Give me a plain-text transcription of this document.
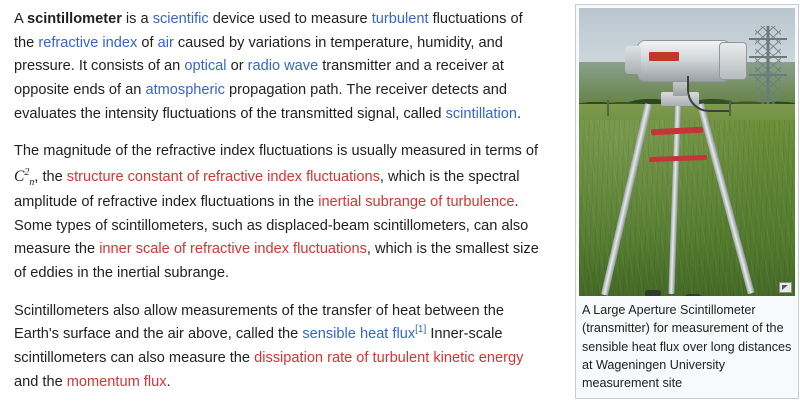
A scintillometer is a scientific device used to measure turbulent fluctuations of the refractive index of air caused by variations in temperature, humidity, and pressure. It consists of an optical or radio wave transmitter and a receiver at opposite ends of an atmospheric propagation path. The receiver detects and evaluates the intensity fluctuations of the transmitted signal, called scintillation.

The magnitude of the refractive index fluctuations is usually measured in terms of $C^2_n$, the structure constant of refractive index fluctuations, which is the spectral amplitude of refractive index fluctuations in the inertial subrange of turbulence. Some types of scintillometers, such as displaced-beam scintillometers, can also measure the inner scale of refractive index fluctuations, which is the smallest size of eddies in the inertial subrange.

Scintillometers also allow measurements of the transfer of heat between the Earth's surface and the air above, called the sensible heat flux[1] Inner-scale scintillometers can also measure the dissipation rate of turbulent kinetic energy and the momentum flux.

A Large Aperture Scintillometer (transmitter) for measurement of the sensible heat flux over long distances at Wageningen University measurement site
